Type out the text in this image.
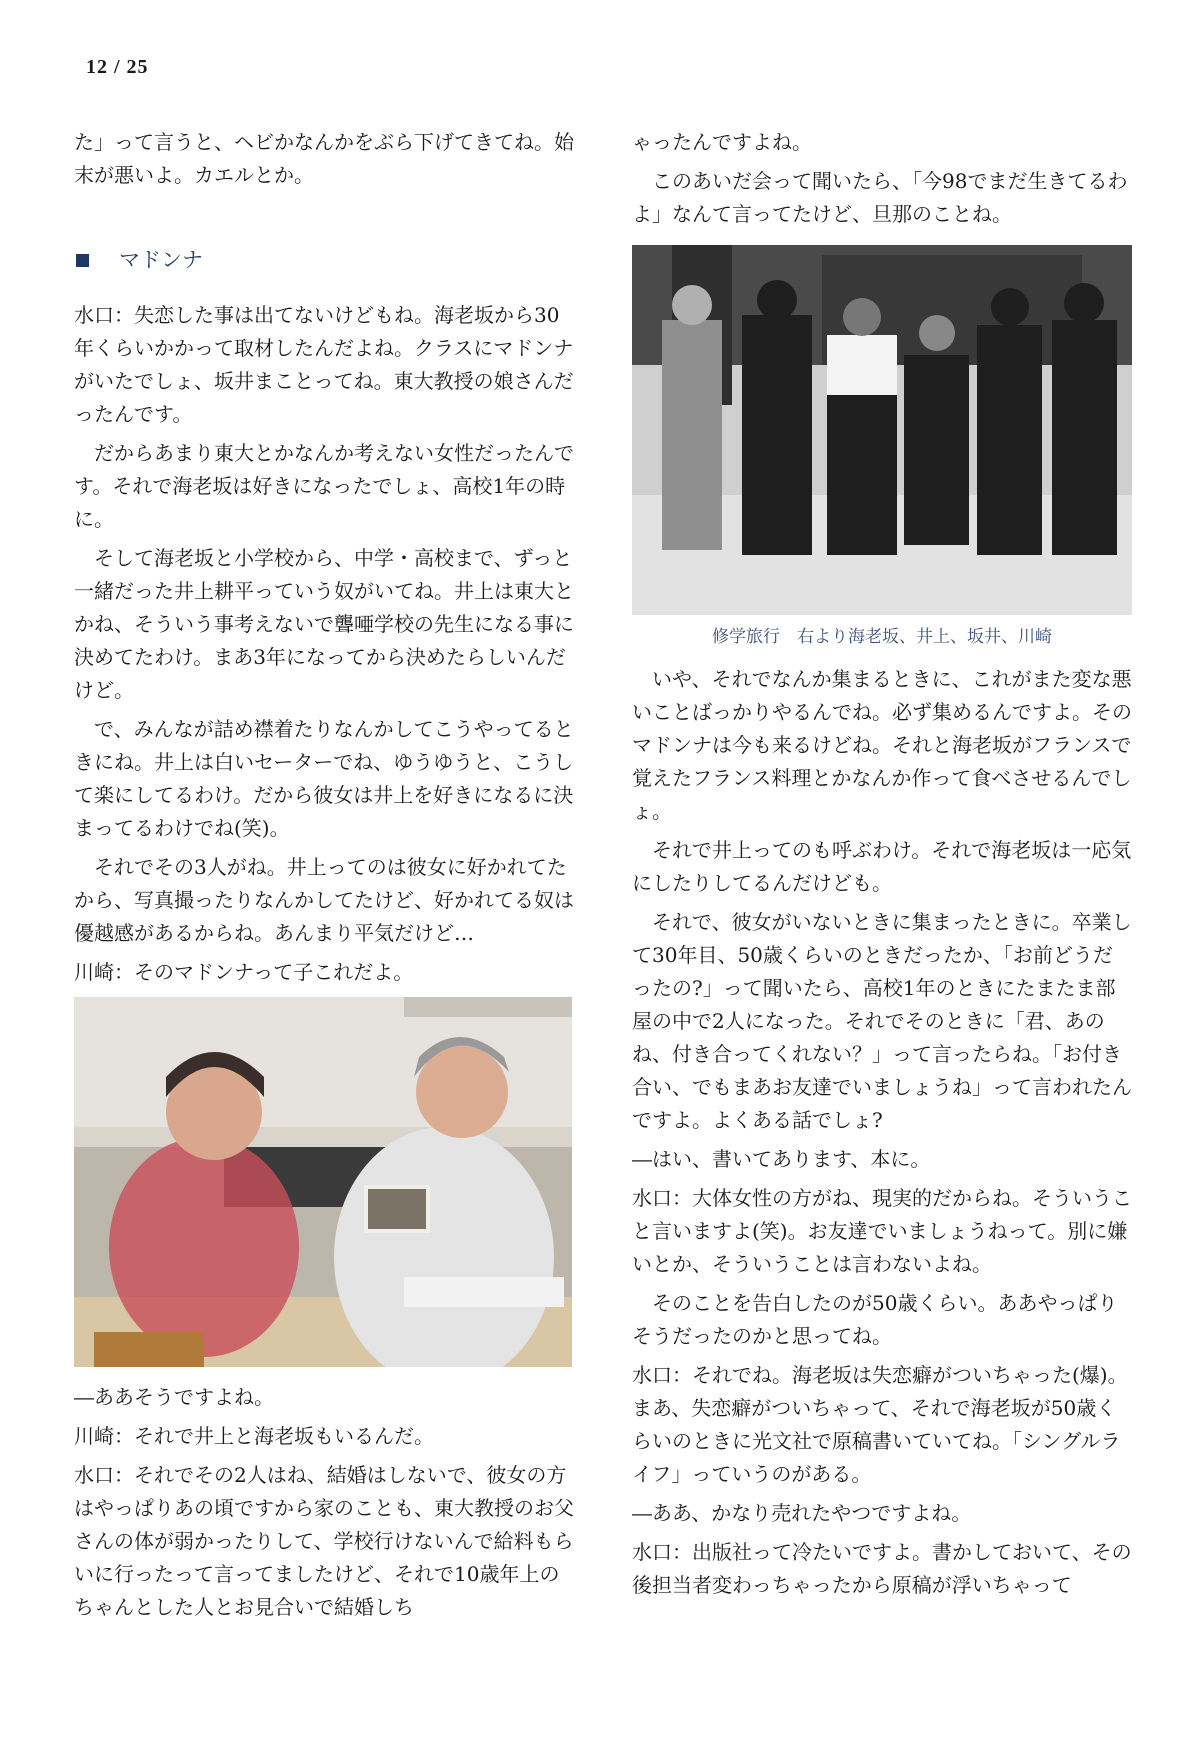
12 / 25

た」って言うと、ヘビかなんかをぶら下げてきてね。始末が悪いよ。カエルとか。

マドンナ

水口：失恋した事は出てないけどもね。海老坂から30年くらいかかって取材したんだよね。クラスにマドンナがいたでしょ、坂井まことってね。東大教授の娘さんだったんです。

だからあまり東大とかなんか考えない女性だったんです。それで海老坂は好きになったでしょ、高校1年の時に。

そして海老坂と小学校から、中学・高校まで、ずっと一緒だった井上耕平っていう奴がいてね。井上は東大とかね、そういう事考えないで聾唖学校の先生になる事に決めてたわけ。まあ3年になってから決めたらしいんだけど。

で、みんなが詰め襟着たりなんかしてこうやってるときにね。井上は白いセーターでね、ゆうゆうと、こうして楽にしてるわけ。だから彼女は井上を好きになるに決まってるわけでね(笑)。

それでその3人がね。井上ってのは彼女に好かれてたから、写真撮ったりなんかしてたけど、好かれてる奴は優越感があるからね。あんまり平気だけど…

川崎：そのマドンナって子これだよ。

―ああそうですよね。

川崎：それで井上と海老坂もいるんだ。

水口：それでその2人はね、結婚はしないで、彼女の方はやっぱりあの頃ですから家のことも、東大教授のお父さんの体が弱かったりして、学校行けないんで給料もらいに行ったって言ってましたけど、それで10歳年上のちゃんとした人とお見合いで結婚しち

ゃったんですよね。

このあいだ会って聞いたら、「今98でまだ生きてるわよ」なんて言ってたけど、旦那のことね。

修学旅行　右より海老坂、井上、坂井、川崎

いや、それでなんか集まるときに、これがまた変な悪いことばっかりやるんでね。必ず集めるんですよ。そのマドンナは今も来るけどね。それと海老坂がフランスで覚えたフランス料理とかなんか作って食べさせるんでしょ。

それで井上ってのも呼ぶわけ。それで海老坂は一応気にしたりしてるんだけども。

それで、彼女がいないときに集まったときに。卒業して30年目、50歳くらいのときだったか、「お前どうだったの?」って聞いたら、高校1年のときにたまたま部屋の中で2人になった。それでそのときに「君、あのね、付き合ってくれない？」って言ったらね。「お付き合い、でもまあお友達でいましょうね」って言われたんですよ。よくある話でしょ?

―はい、書いてあります、本に。

水口：大体女性の方がね、現実的だからね。そういうこと言いますよ(笑)。お友達でいましょうねって。別に嫌いとか、そういうことは言わないよね。

そのことを告白したのが50歳くらい。ああやっぱりそうだったのかと思ってね。

水口：それでね。海老坂は失恋癖がついちゃった(爆)。まあ、失恋癖がついちゃって、それで海老坂が50歳くらいのときに光文社で原稿書いていてね。「シングルライフ」っていうのがある。

―ああ、かなり売れたやつですよね。

水口：出版社って冷たいですよ。書かしておいて、その後担当者変わっちゃったから原稿が浮いちゃって
